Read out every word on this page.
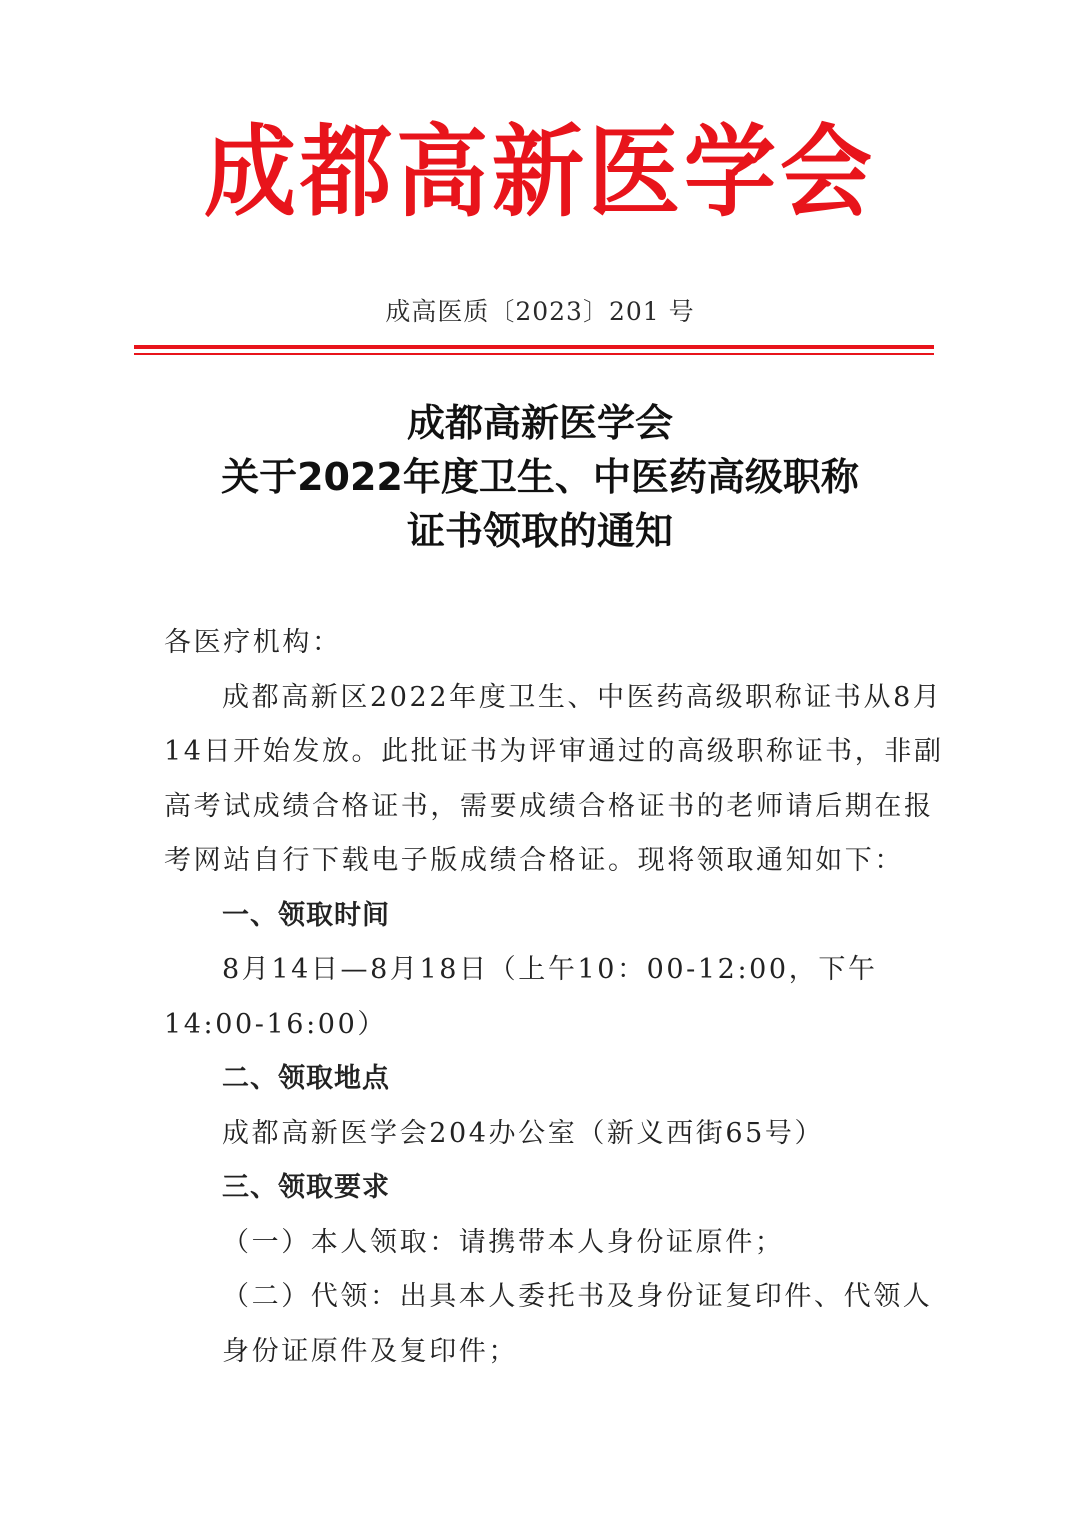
成都高新医学会
成高医质〔2023〕201 号
成都高新医学会
关于2022年度卫生、中医药高级职称
证书领取的通知

各医疗机构：

成都高新区2022年度卫生、中医药高级职称证书从8月

14日开始发放。此批证书为评审通过的高级职称证书，非副

高考试成绩合格证书，需要成绩合格证书的老师请后期在报

考网站自行下载电子版成绩合格证。现将领取通知如下：

一、领取时间

8月14日—8月18日（上午10：00-12:00，下午

14:00-16:00）

二、领取地点

成都高新医学会204办公室（新义西街65号）

三、领取要求

（一）本人领取：请携带本人身份证原件；

（二）代领：出具本人委托书及身份证复印件、代领人

身份证原件及复印件；
